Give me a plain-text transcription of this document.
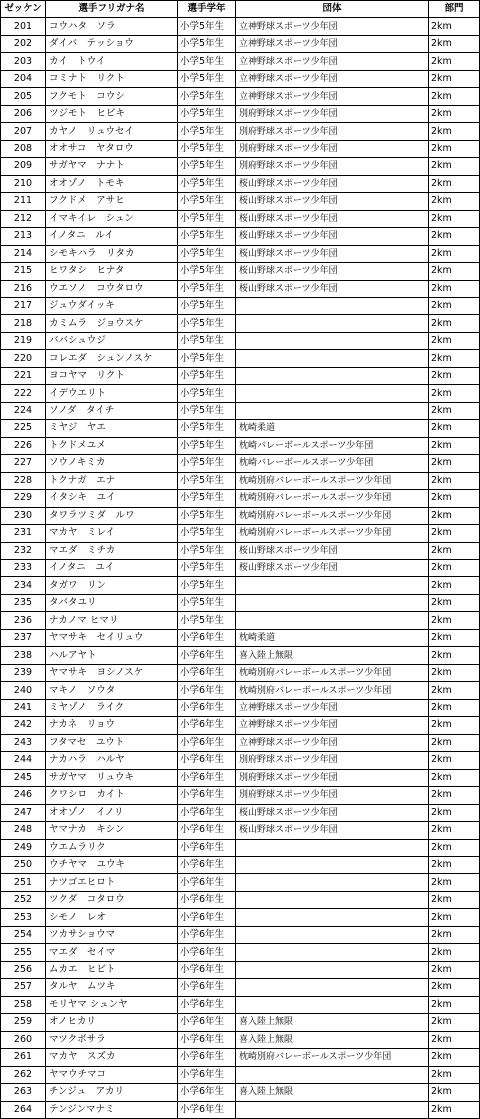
ゼッケン	選手フリガナ名	選手学年	団体	部門
201	コウハタ　ソラ	小学5年生	立神野球スポーツ少年団	2km
202	ダイバ　テッショウ	小学5年生	立神野球スポーツ少年団	2km
203	カイ　トウイ	小学5年生	立神野球スポーツ少年団	2km
204	コミナト　リクト	小学5年生	立神野球スポーツ少年団	2km
205	フクモト　コウシ	小学5年生	立神野球スポーツ少年団	2km
206	ツジモト　ヒビキ	小学5年生	別府野球スポーツ少年団	2km
207	カヤノ　リュウセイ	小学5年生	別府野球スポーツ少年団	2km
208	オオサコ　ヤタロウ	小学5年生	別府野球スポーツ少年団	2km
209	サガヤマ　ナナト	小学5年生	別府野球スポーツ少年団	2km
210	オオゾノ　トモキ	小学5年生	桜山野球スポーツ少年団	2km
211	フクドメ　アサヒ	小学5年生	桜山野球スポーツ少年団	2km
212	イマキイレ　シュン	小学5年生	桜山野球スポーツ少年団	2km
213	イノタニ　ルイ	小学5年生	桜山野球スポーツ少年団	2km
214	シモキハラ　リタカ	小学5年生	桜山野球スポーツ少年団	2km
215	ヒワタシ　ヒナタ	小学5年生	桜山野球スポーツ少年団	2km
216	ウエソノ　コウタロウ	小学5年生	桜山野球スポーツ少年団	2km
217	ジュウダイッキ	小学5年生		2km
218	カミムラ　ジョウスケ	小学5年生		2km
219	ババシュウジ	小学5年生		2km
220	コレエダ　シュンノスケ	小学5年生		2km
221	ヨコヤマ　リクト	小学5年生		2km
222	イデウエリト	小学5年生		2km
224	ソノダ　タイチ	小学5年生		2km
225	ミヤジ　ヤエ	小学5年生	枕崎柔道	2km
226	トクドメユメ	小学5年生	枕崎バレーボールスポーツ少年団	2km
227	ソウノキミカ	小学5年生	枕崎バレーボールスポーツ少年団	2km
228	トクナガ　エナ	小学5年生	枕崎別府バレーボールスポーツ少年団	2km
229	イタシキ　ユイ	小学5年生	枕崎別府バレーボールスポーツ少年団	2km
230	タワラツミダ　ルワ	小学5年生	枕崎別府バレーボールスポーツ少年団	2km
231	マカヤ　ミレイ	小学5年生	枕崎別府バレーボールスポーツ少年団	2km
232	マエダ　ミチカ	小学5年生	桜山野球スポーツ少年団	2km
233	イノタニ　ユイ	小学5年生	桜山野球スポーツ少年団	2km
234	タガワ　リン	小学5年生		2km
235	タバタユリ	小学5年生		2km
236	ナカノマ ヒマリ	小学5年生		2km
237	ヤマサキ　セイリュウ	小学6年生	枕崎柔道	2km
238	ハルアヤト	小学6年生	喜入陸上無限	2km
239	ヤマサキ　ヨシノスケ	小学6年生	枕崎別府バレーボールスポーツ少年団	2km
240	マキノ　ソウタ	小学6年生	枕崎別府バレーボールスポーツ少年団	2km
241	ミヤゾノ　ライク	小学6年生	立神野球スポーツ少年団	2km
242	ナカネ　リョウ	小学6年生	立神野球スポーツ少年団	2km
243	フタマセ　ユウト	小学6年生	立神野球スポーツ少年団	2km
244	ナカハラ　ハルヤ	小学6年生	別府野球スポーツ少年団	2km
245	サガヤマ　リュウキ	小学6年生	別府野球スポーツ少年団	2km
246	クワシロ　カイト	小学6年生	別府野球スポーツ少年団	2km
247	オオゾノ　イノリ	小学6年生	桜山野球スポーツ少年団	2km
248	ヤマナカ　キシン	小学6年生	桜山野球スポーツ少年団	2km
249	ウエムラリク	小学6年生		2km
250	ウチヤマ　ユウキ	小学6年生		2km
251	ナツゴエヒロト	小学6年生		2km
252	ツクダ　コタロウ	小学6年生		2km
253	シモノ　レオ	小学6年生		2km
254	ツカサショウマ	小学6年生		2km
255	マエダ　セイマ	小学6年生		2km
256	ムカエ　ヒビト	小学6年生		2km
257	タルヤ　ムツキ	小学6年生		2km
258	モリヤマ シュンヤ	小学6年生		2km
259	オノヒカリ	小学6年生	喜入陸上無限	2km
260	マツクボサラ	小学6年生	喜入陸上無限	2km
261	マカヤ　スズカ	小学6年生	枕崎別府バレーボールスポーツ少年団	2km
262	ヤマウチマコ	小学6年生		2km
263	チンジュ　アカリ	小学6年生	喜入陸上無限	2km
264	テンジンマナミ	小学6年生		2km
